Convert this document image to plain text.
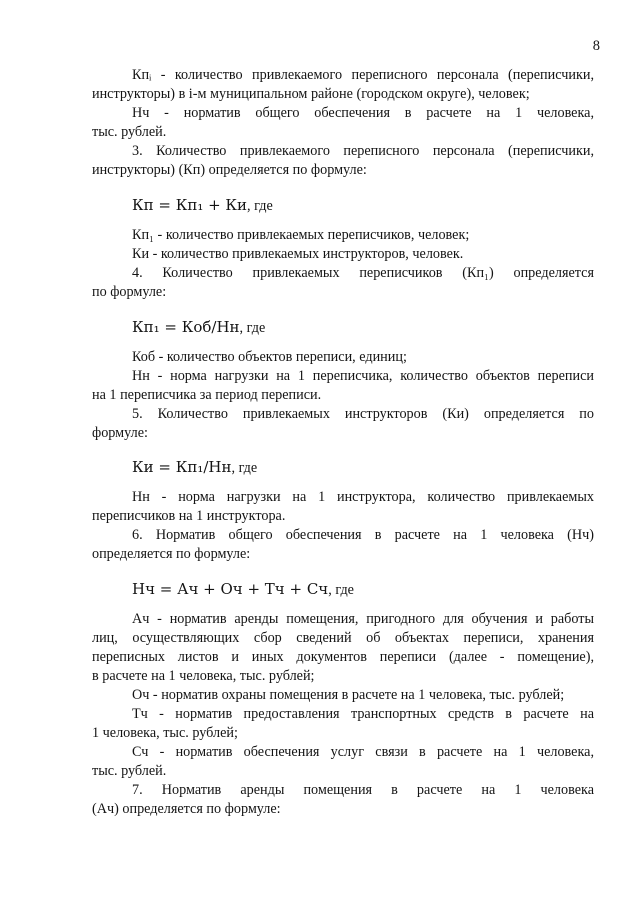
8
Кпᵢ - количество привлекаемого переписного персонала (переписчики,
инструкторы) в i-м муниципальном районе (городском округе), человек;
Нч - норматив общего обеспечения в расчете на 1 человека,
тыс. рублей.
3. Количество привлекаемого переписного персонала (переписчики,
инструкторы) (Кп) определяется по формуле:
Кп = Кп₁ + Ки, где
Кп₁ - количество привлекаемых переписчиков, человек;
Ки - количество привлекаемых инструкторов, человек.
4. Количество привлекаемых переписчиков (Кп₁) определяется
по формуле:
Кп₁ = Коб/Нн, где
Коб - количество объектов переписи, единиц;
Нн - норма нагрузки на 1 переписчика, количество объектов переписи
на 1 переписчика за период переписи.
5. Количество привлекаемых инструкторов (Ки) определяется по
формуле:
Ки = Кп₁/Нн, где
Нн - норма нагрузки на 1 инструктора, количество привлекаемых
переписчиков на 1 инструктора.
6. Норматив общего обеспечения в расчете на 1 человека (Нч)
определяется по формуле:
Нч = Ач + Оч + Тч + Сч, где
Ач - норматив аренды помещения, пригодного для обучения и работы
лиц, осуществляющих сбор сведений об объектах переписи, хранения
переписных листов и иных документов переписи (далее - помещение),
в расчете на 1 человека, тыс. рублей;
Оч - норматив охраны помещения в расчете на 1 человека, тыс. рублей;
Тч - норматив предоставления транспортных средств в расчете на
1 человека, тыс. рублей;
Сч - норматив обеспечения услуг связи в расчете на 1 человека,
тыс. рублей.
7. Норматив аренды помещения в расчете на 1 человека
(Ач) определяется по формуле:
